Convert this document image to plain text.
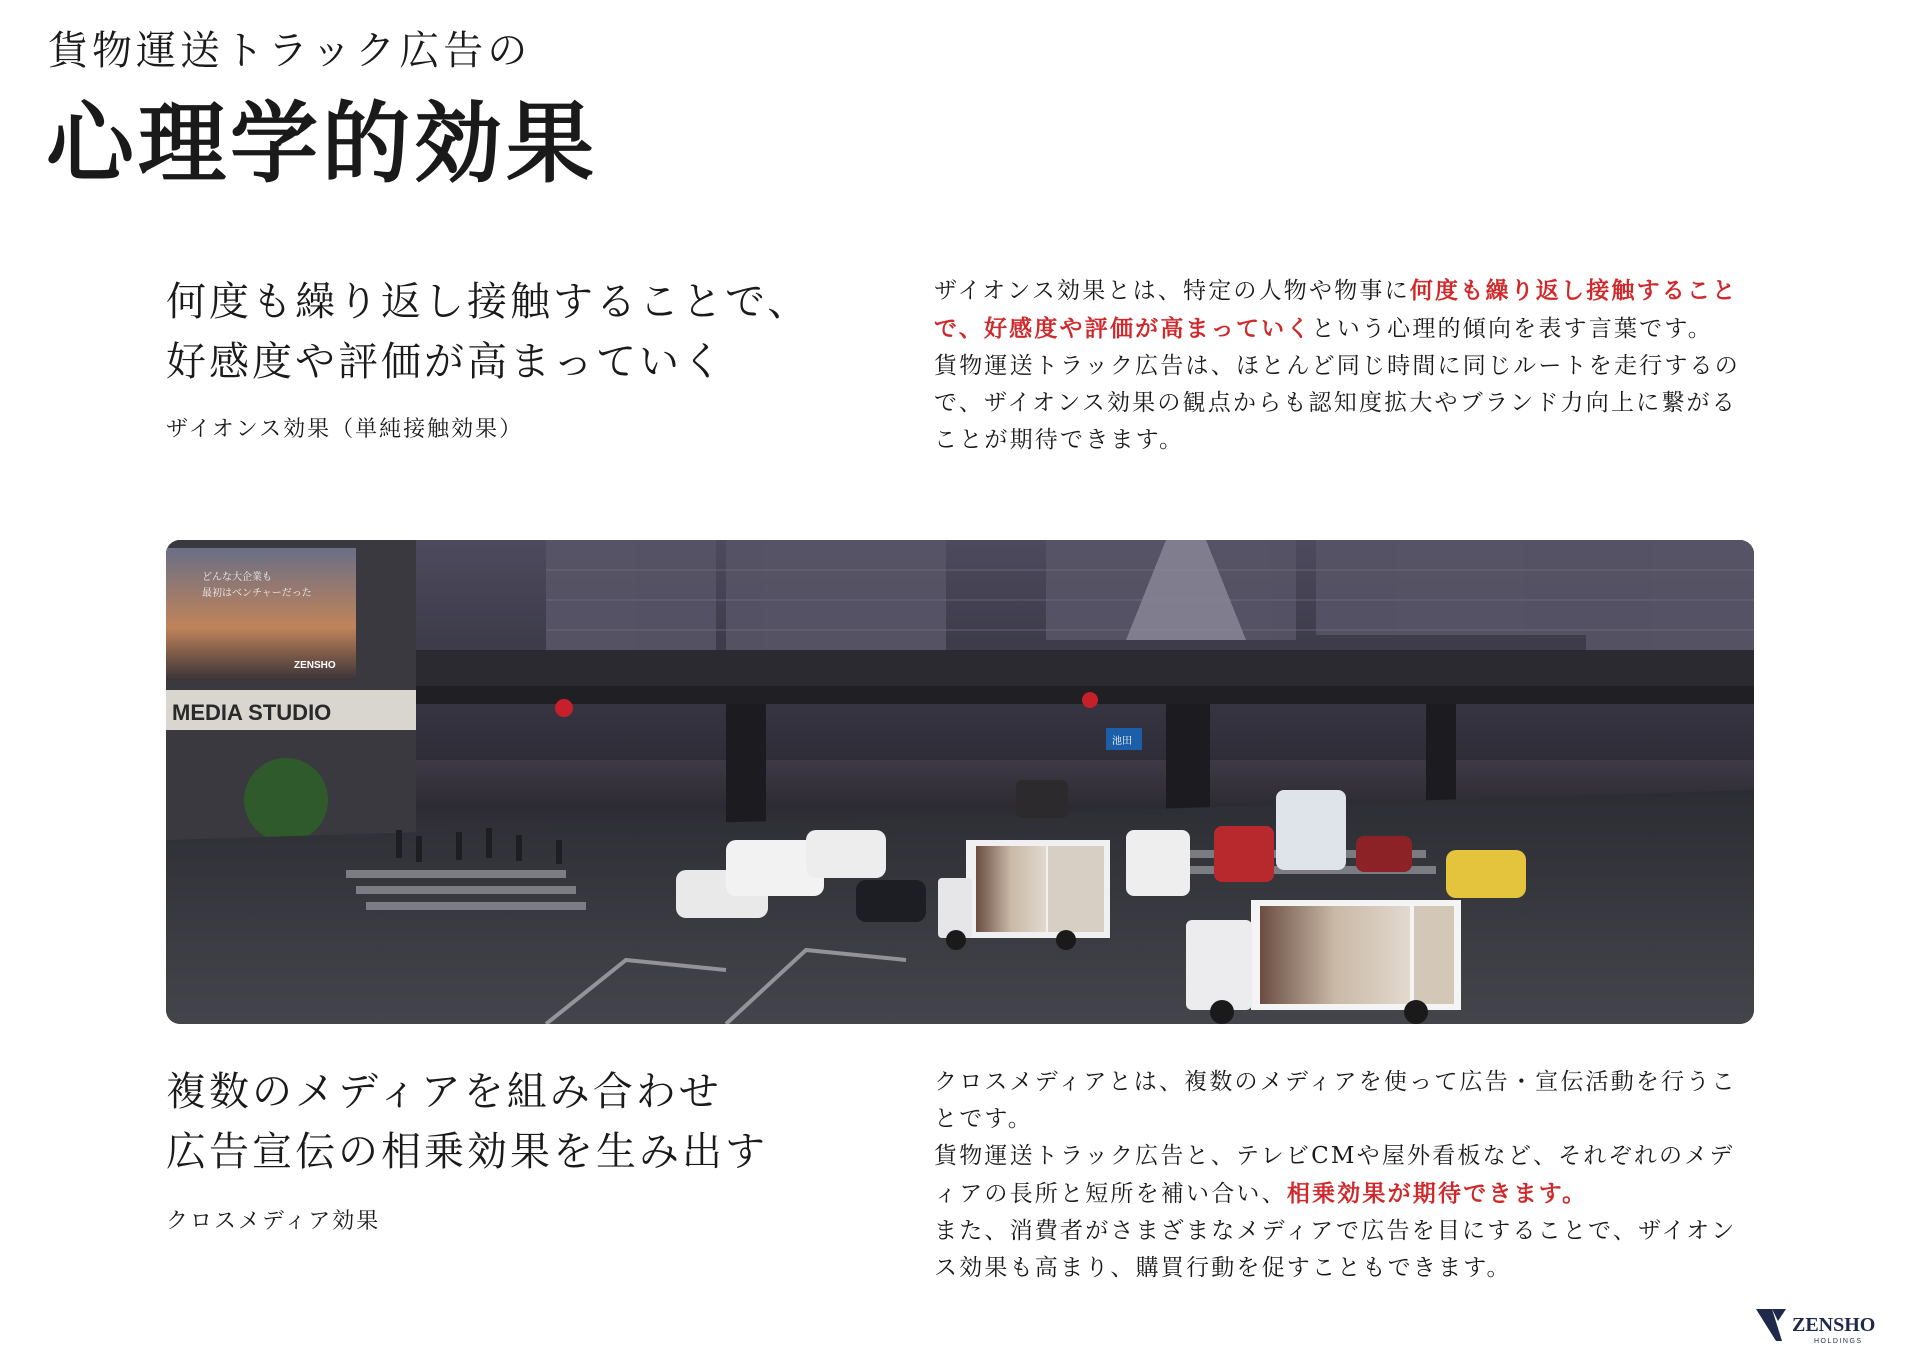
貨物運送トラック広告の
心理学的効果
何度も繰り返し接触することで、
好感度や評価が高まっていく
ザイオンス効果（単純接触効果）

ザイオンス効果とは、特定の人物や物事に何度も繰り返し接触することで、好感度や評価が高まっていくという心理的傾向を表す言葉です。

貨物運送トラック広告は、ほとんど同じ時間に同じルートを走行するので、ザイオンス効果の観点からも認知度拡大やブランド力向上に繋がることが期待できます。

MEDIA STUDIO
どんな大企業も
最初はベンチャーだった
ZENSHO
池田
複数のメディアを組み合わせ
広告宣伝の相乗効果を生み出す
クロスメディア効果

クロスメディアとは、複数のメディアを使って広告・宣伝活動を行うことです。

貨物運送トラック広告と、テレビCMや屋外看板など、それぞれのメディアの長所と短所を補い合い、相乗効果が期待できます。

また、消費者がさまざまなメディアで広告を目にすることで、ザイオンス効果も高まり、購買行動を促すこともできます。

ZENSHO
HOLDINGS
